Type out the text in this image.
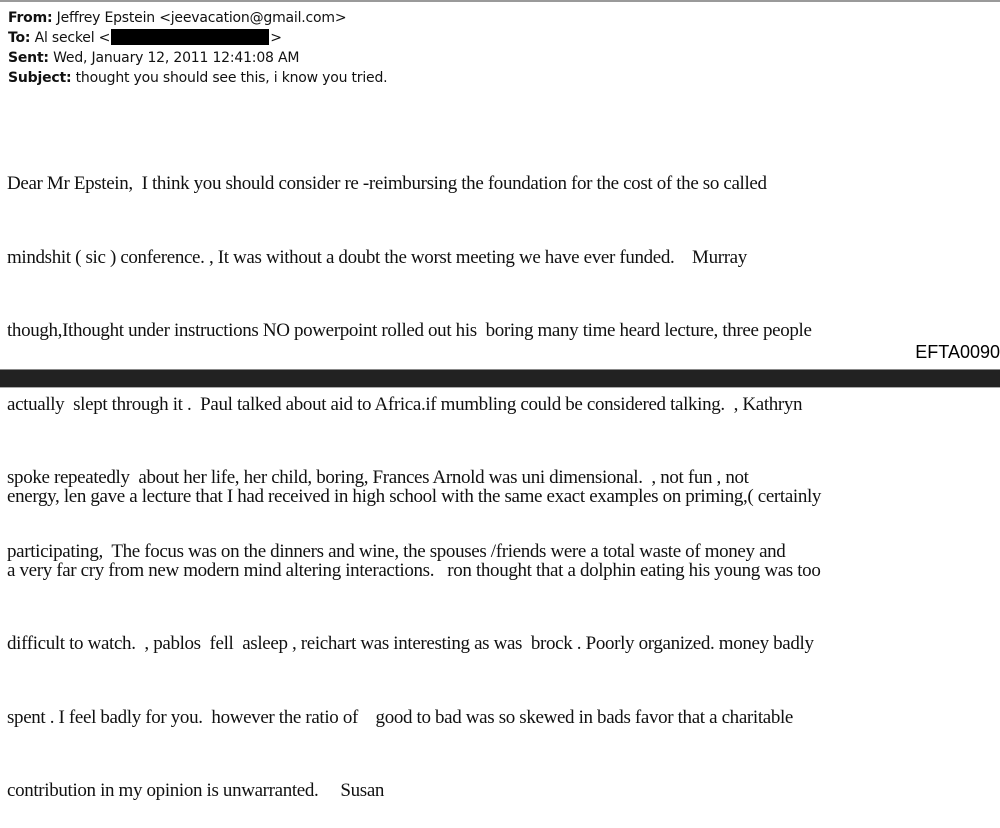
From: Jeffrey Epstein <jeevacation@gmail.com>
To: Al seckel <	>
Sent: Wed, January 12, 2011 12:41:08 AM
Subject: thought you should see this, i know you tried.

Dear Mr Epstein,  I think you should consider re -reimbursing the foundation for the cost of the so called

mindshit ( sic ) conference. , It was without a doubt the worst meeting we have ever funded.    Murray

though,Ithought under instructions NO powerpoint rolled out his  boring many time heard lecture, three people

actually  slept through it .  Paul talked about aid to Africa.if mumbling could be considered talking.  , Kathryn

spoke repeatedly  about her life, her child, boring, Frances Arnold was uni dimensional.  , not fun , not

participating,  The focus was on the dinners and wine, the spouses /friends were a total waste of money and

EFTA0090

energy, len gave a lecture that I had received in high school with the same exact examples on priming,( certainly

a very far cry from new modern mind altering interactions.   ron thought that a dolphin eating his young was too

difficult to watch.  , pablos  fell  asleep , reichart was interesting as was  brock . Poorly organized. money badly

spent . I feel badly for you.  however the ratio of    good to bad was so skewed in bads favor that a charitable

contribution in my opinion is unwarranted.     Susan
